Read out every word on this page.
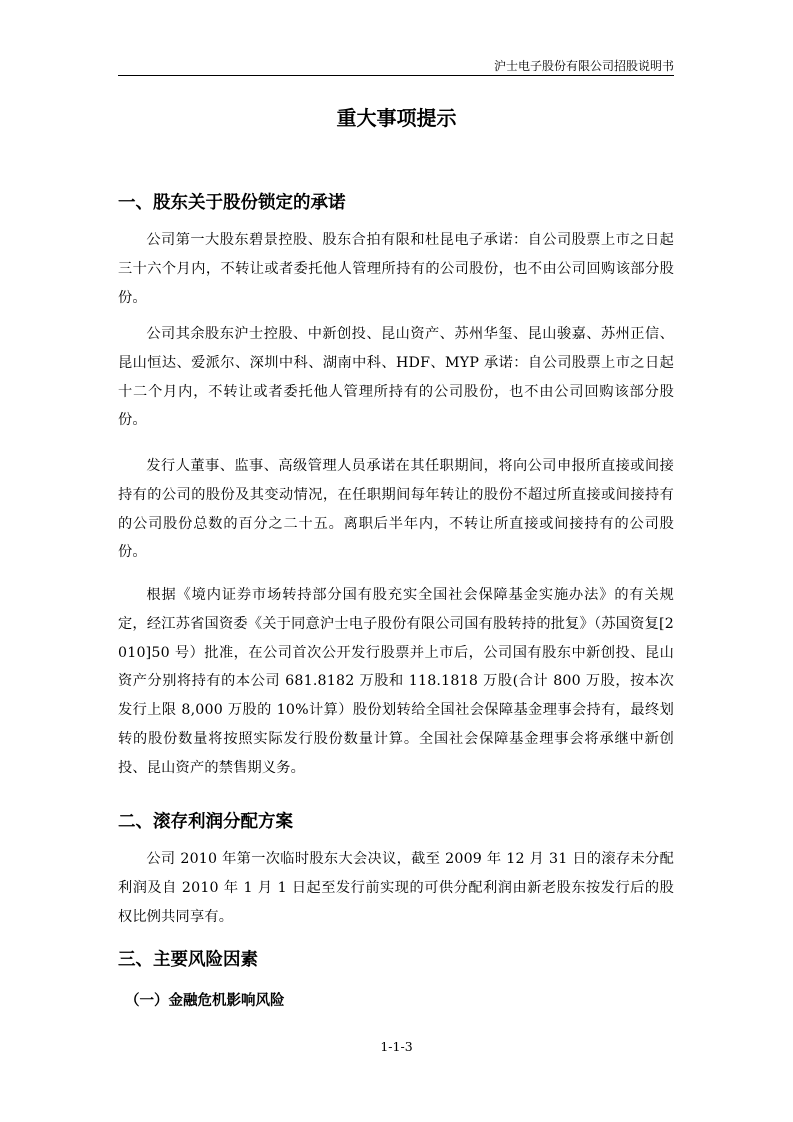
沪士电子股份有限公司招股说明书
重大事项提示
一、股东关于股份锁定的承诺

公司第一大股东碧景控股、股东合拍有限和杜昆电子承诺：自公司股票上市之日起三十六个月内，不转让或者委托他人管理所持有的公司股份，也不由公司回购该部分股份。

公司其余股东沪士控股、中新创投、昆山资产、苏州华玺、昆山骏嘉、苏州正信、昆山恒达、爱派尔、深圳中科、湖南中科、HDF、MYP 承诺：自公司股票上市之日起十二个月内，不转让或者委托他人管理所持有的公司股份，也不由公司回购该部分股份。

发行人董事、监事、高级管理人员承诺在其任职期间，将向公司申报所直接或间接持有的公司的股份及其变动情况，在任职期间每年转让的股份不超过所直接或间接持有的公司股份总数的百分之二十五。离职后半年内，不转让所直接或间接持有的公司股份。

根据《境内证券市场转持部分国有股充实全国社会保障基金实施办法》的有关规定，经江苏省国资委《关于同意沪士电子股份有限公司国有股转持的批复》（苏国资复[2010]50 号）批准，在公司首次公开发行股票并上市后，公司国有股东中新创投、昆山资产分别将持有的本公司 681.8182 万股和 118.1818 万股(合计 800 万股，按本次发行上限 8,000 万股的 10%计算）股份划转给全国社会保障基金理事会持有，最终划转的股份数量将按照实际发行股份数量计算。全国社会保障基金理事会将承继中新创投、昆山资产的禁售期义务。

二、滚存利润分配方案

公司 2010 年第一次临时股东大会决议，截至 2009 年 12 月 31 日的滚存未分配利润及自 2010 年 1 月 1 日起至发行前实现的可供分配利润由新老股东按发行后的股权比例共同享有。

三、主要风险因素
（一）金融危机影响风险
1-1-3
